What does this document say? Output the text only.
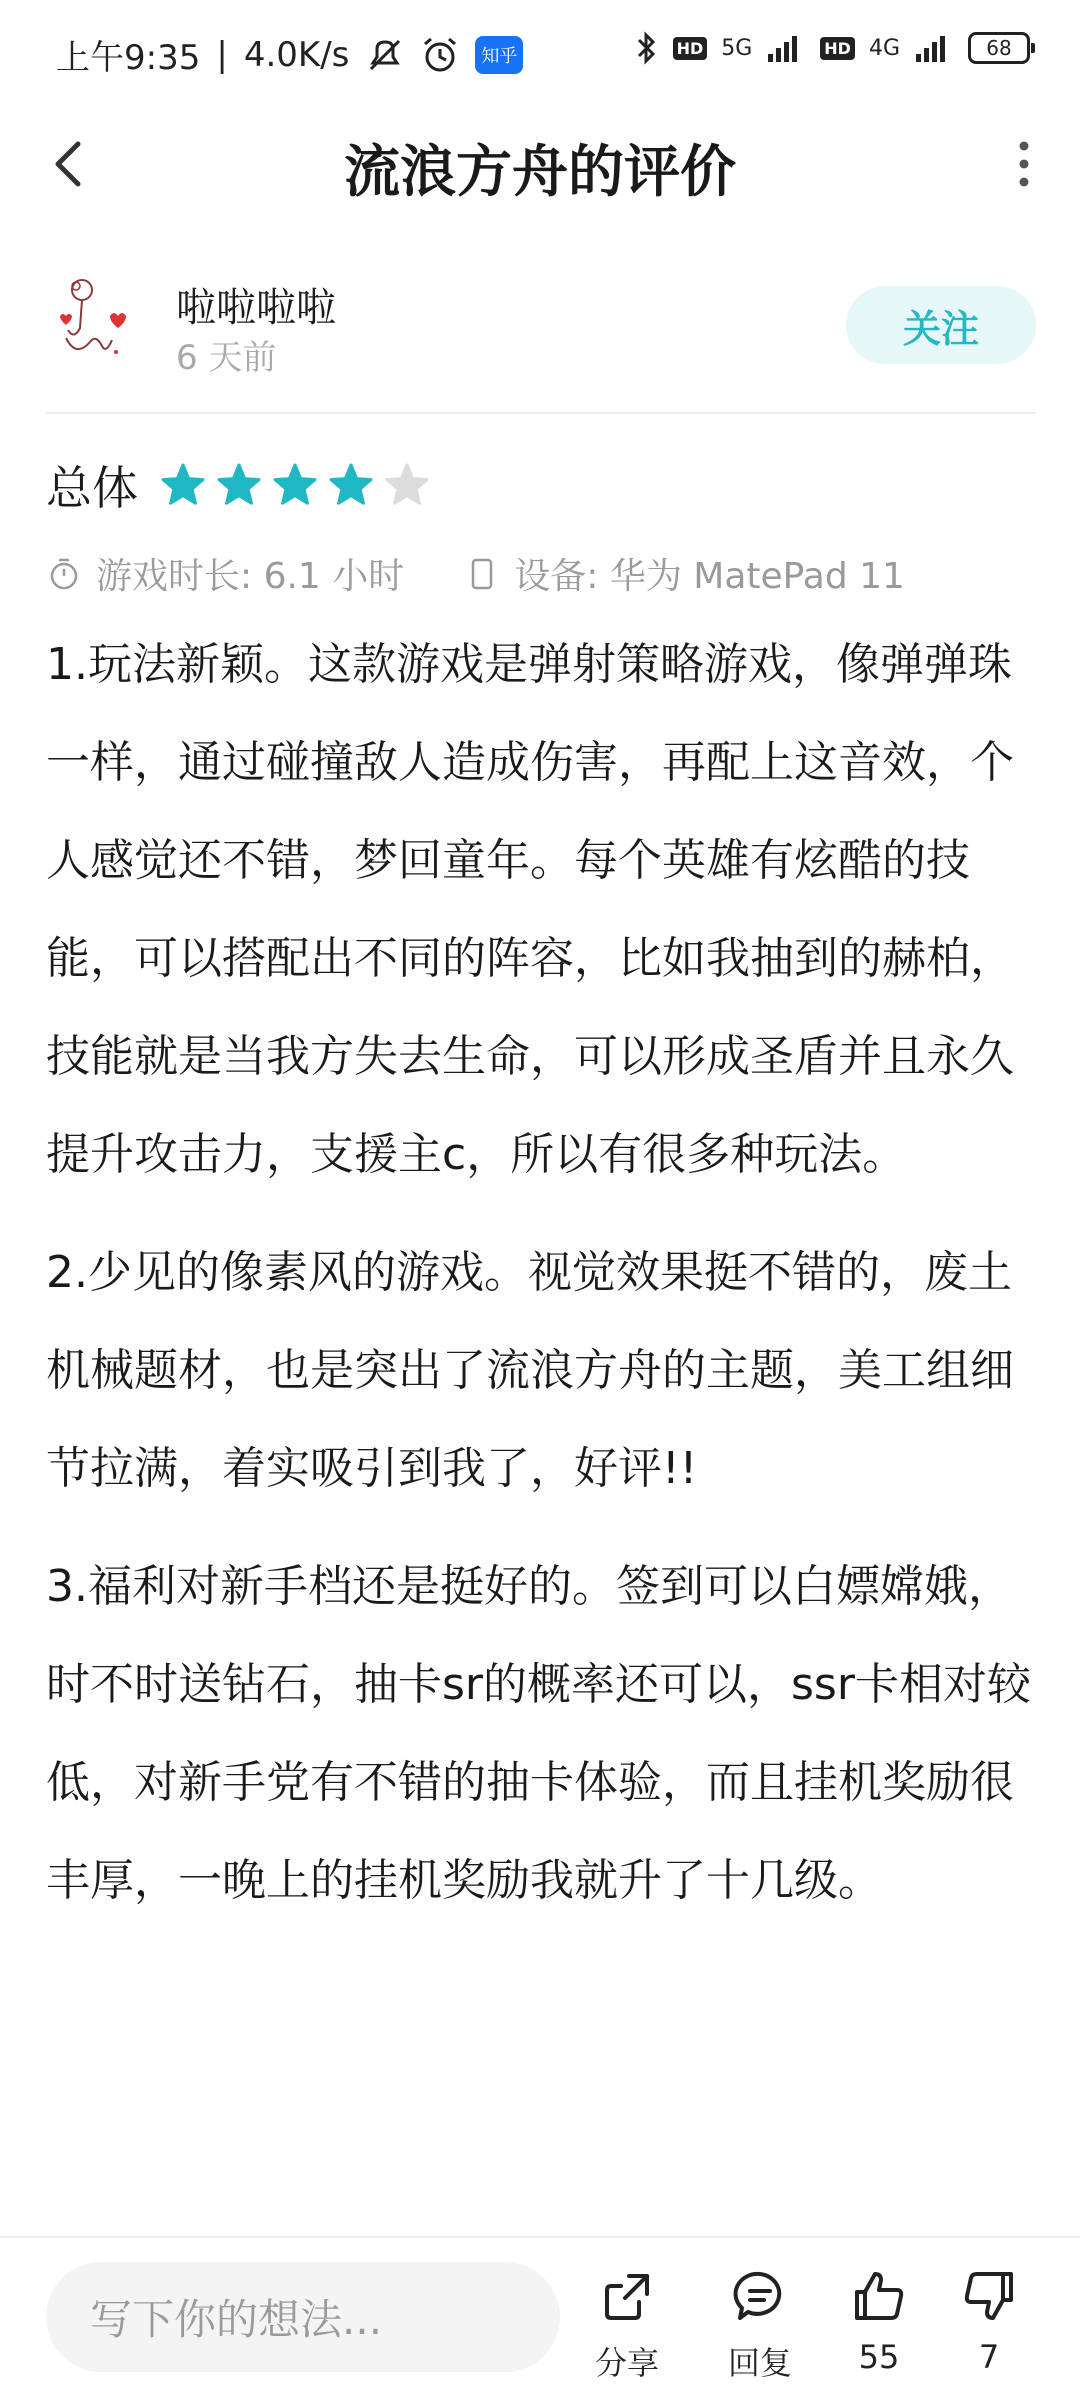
上午9:35 | 4.0K/s	知乎	HD 5G	HD 4G	68
流浪方舟的评价
啦啦啦啦
6 天前
关注
总体
游戏时长: 6.1 小时	设备: 华为 MatePad 11

1.玩法新颖。这款游戏是弹射策略游戏，像弹弹珠一样，通过碰撞敌人造成伤害，再配上这音效，个人感觉还不错，梦回童年。每个英雄有炫酷的技能，可以搭配出不同的阵容，比如我抽到的赫柏，技能就是当我方失去生命，可以形成圣盾并且永久提升攻击力，支援主c，所以有很多种玩法。

2.少见的像素风的游戏。视觉效果挺不错的，废土机械题材，也是突出了流浪方舟的主题，美工组细节拉满，着实吸引到我了，好评!!

3.福利对新手档还是挺好的。签到可以白嫖嫦娥，时不时送钻石，抽卡sr的概率还可以，ssr卡相对较低，对新手党有不错的抽卡体验，而且挂机奖励很丰厚，一晚上的挂机奖励我就升了十几级。

写下你的想法...
分享	回复	55	7
